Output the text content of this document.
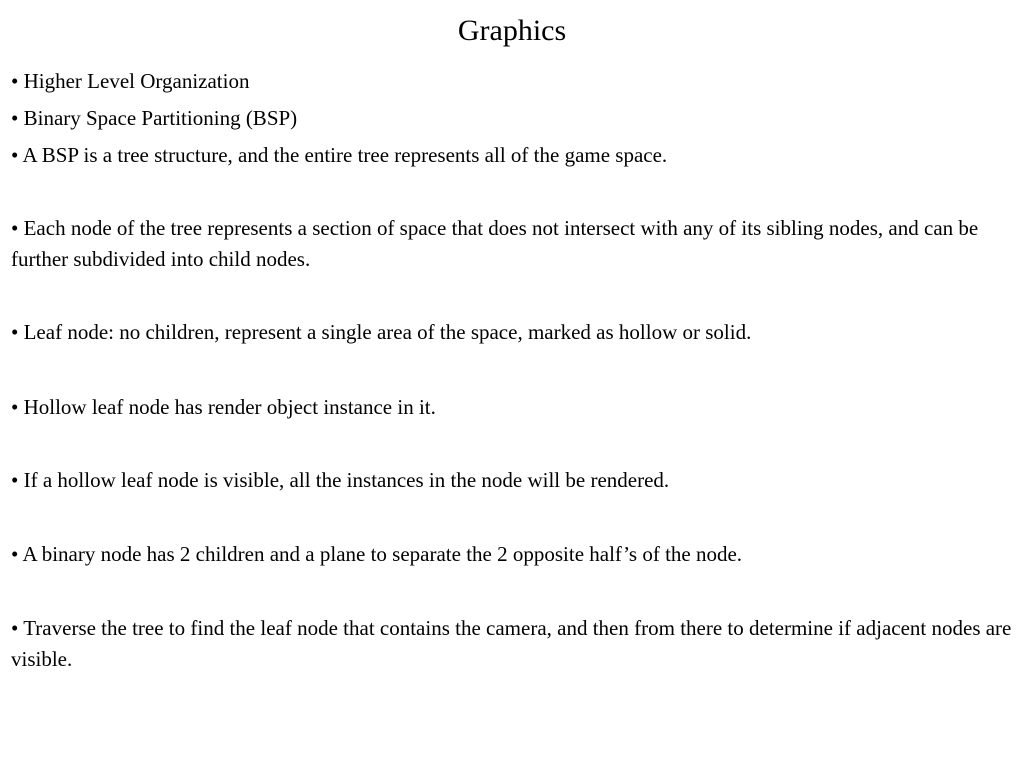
Graphics

• Higher Level Organization

• Binary Space Partitioning (BSP)

• A BSP is a tree structure, and the entire tree represents all of the game space.

• Each node of the tree represents a section of space that does not intersect with any of its sibling nodes, and can be further subdivided into child nodes.

• Leaf node: no children, represent a single area of the space, marked as hollow or solid.

• Hollow leaf node has render object instance in it.

• If a hollow leaf node is visible, all the instances in the node will be rendered.

• A binary node has 2 children and a plane to separate the 2 opposite half’s of the node.

• Traverse the tree to find the leaf node that contains the camera, and then from there to determine if adjacent nodes are visible.
